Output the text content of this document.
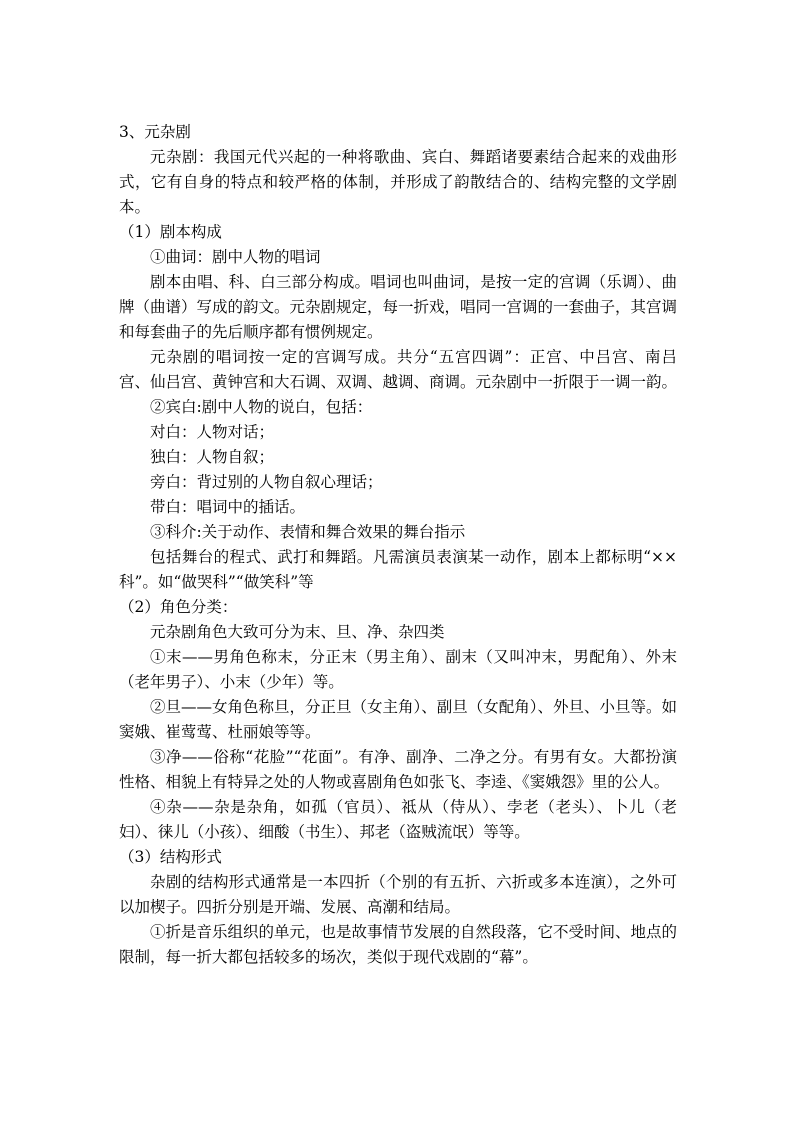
3、元杂剧

元杂剧：我国元代兴起的一种将歌曲、宾白、舞蹈诸要素结合起来的戏曲形式，它有自身的特点和较严格的体制，并形成了韵散结合的、结构完整的文学剧本。

（1）剧本构成

①曲词：剧中人物的唱词

剧本由唱、科、白三部分构成。唱词也叫曲词，是按一定的宫调（乐调）、曲牌（曲谱）写成的韵文。元杂剧规定，每一折戏，唱同一宫调的一套曲子，其宫调和每套曲子的先后顺序都有惯例规定。

元杂剧的唱词按一定的宫调写成。共分“五宫四调”：正宫、中吕宫、南吕宫、仙吕宫、黄钟宫和大石调、双调、越调、商调。元杂剧中一折限于一调一韵。

②宾白:剧中人物的说白，包括：

对白：人物对话；

独白：人物自叙；

旁白：背过别的人物自叙心理话；

带白：唱词中的插话。

③科介:关于动作、表情和舞合效果的舞台指示

包括舞台的程式、武打和舞蹈。凡需演员表演某一动作，剧本上都标明“××科”。如“做哭科”“做笑科”等

（2）角色分类：

元杂剧角色大致可分为末、旦、净、杂四类

①末——男角色称末，分正末（男主角）、副末（又叫冲末，男配角）、外末（老年男子）、小末（少年）等。

②旦——女角色称旦，分正旦（女主角）、副旦（女配角）、外旦、小旦等。如窦娥、崔莺莺、杜丽娘等等。

③净——俗称“花脸”“花面”。有净、副净、二净之分。有男有女。大都扮演性格、相貌上有特异之处的人物或喜剧角色如张飞、李逵、《窦娥怨》里的公人。

④杂——杂是杂角，如孤（官员）、祗从（侍从）、孛老（老头）、卜儿（老妇）、徕儿（小孩）、细酸（书生）、邦老（盗贼流氓）等等。

（3）结构形式

杂剧的结构形式通常是一本四折（个别的有五折、六折或多本连演），之外可以加楔子。四折分别是开端、发展、高潮和结局。

①折是音乐组织的单元，也是故事情节发展的自然段落，它不受时间、地点的限制，每一折大都包括较多的场次，类似于现代戏剧的“幕”。
